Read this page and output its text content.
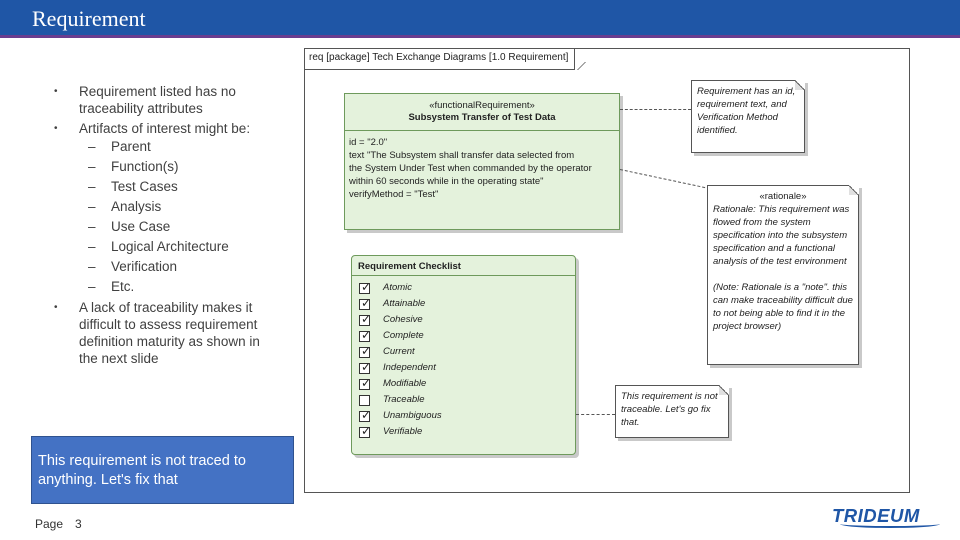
Requirement
• Requirement listed has no traceability attributes
• Artifacts of interest might be:
– Parent
– Function(s)
– Test Cases
– Analysis
– Use Case
– Logical Architecture
– Verification
– Etc.
• A lack of traceability makes it difficult to assess requirement definition maturity as shown in the next slide
This requirement is not traced to anything. Let's fix that
Page 3	TRIDEUM
req [package] Tech Exchange Diagrams [1.0 Requirement]
«functionalRequirement»
Subsystem Transfer of Test Data
id = "2.0"
text "The Subsystem shall transfer data selected from
the System Under Test when commanded by the operator
within 60 seconds while in the operating state"
verifyMethod = "Test"
Requirement Checklist
✓ Atomic
✓ Attainable
✓ Cohesive
✓ Complete
✓ Current
✓ Independent
✓ Modifiable
Traceable
✓ Unambiguous
✓ Verifiable
Requirement has an id, requirement text, and Verification Method identified.
«rationale»
Rationale: This requirement was flowed from the system specification into the subsystem specification and a functional analysis of the test environment
(Note: Rationale is a "note". this can make traceability difficult due to not being able to find it in the project browser)
This requirement is not traceable. Let's go fix that.
